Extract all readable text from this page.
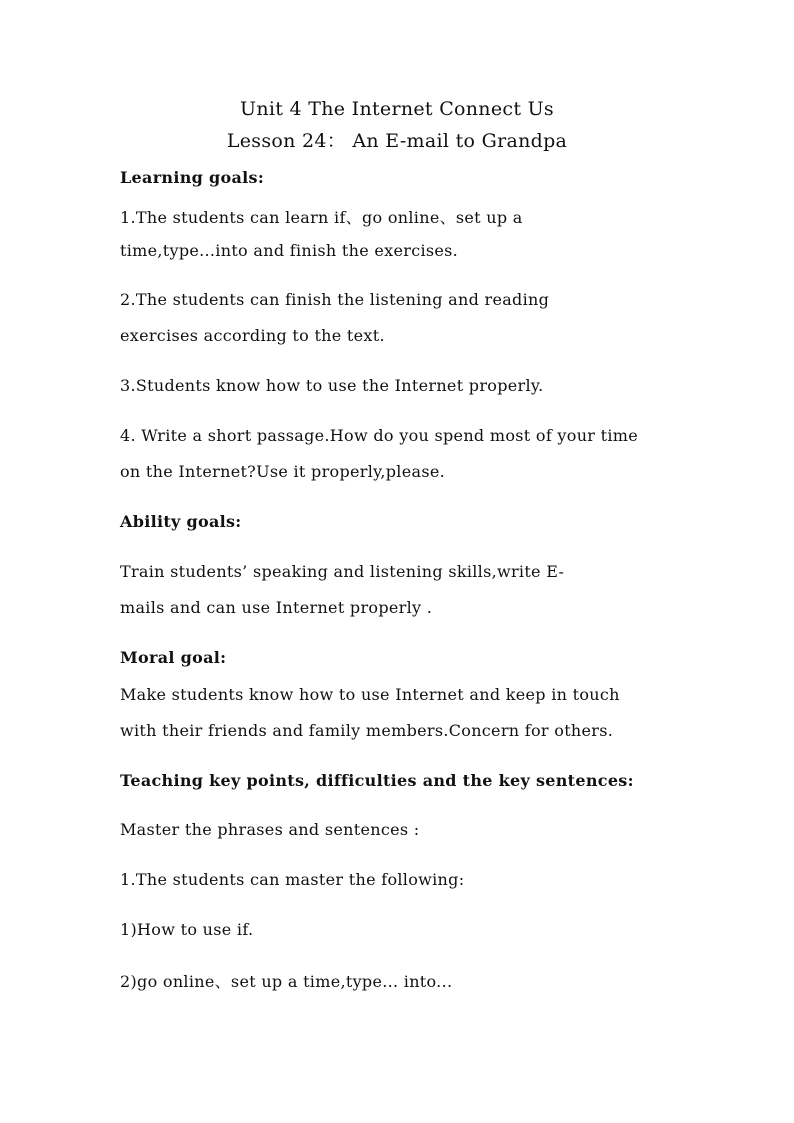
Unit 4 The Internet Connect Us
Lesson 24： An E-mail to Grandpa
Learning goals:
1.The students can learn if、go online、set up a
time,type...into and finish the exercises.
2.The students can finish the listening and reading
exercises according to the text.
3.Students know how to use the Internet properly.
4. Write a short passage.How do you spend most of your time
on the Internet?Use it properly,please.
Ability goals:
Train students’ speaking and listening skills,write E-
mails and can use Internet properly .
Moral goal:
Make students know how to use Internet and keep in touch
with their friends and family members.Concern for others.
Teaching key points, difficulties and the key sentences:
Master the phrases and sentences :
1.The students can master the following:
1)How to use if.
2)go online、set up a time,type... into...
